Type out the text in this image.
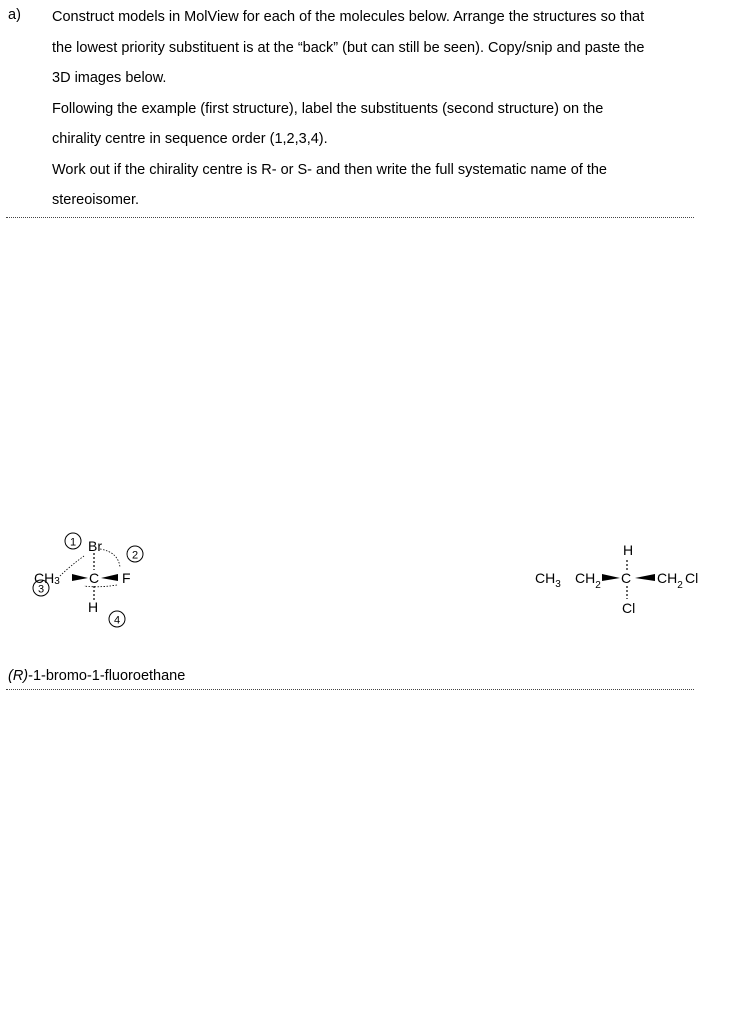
a) Construct models in MolView for each of the molecules below. Arrange the structures so that

the lowest priority substituent is at the “back” (but can still be seen). Copy/snip and paste the

3D images below.

Following the example (first structure), label the substituents (second structure) on the

chirality centre in sequence order (1,2,3,4).

Work out if the chirality centre is R- or S- and then write the full systematic name of the

stereoisomer.

1
2
3
4
Br
CH3 C F
H
H
$CH_3$ $CH_2$ C $CH_2$ Cl
Cl
(R)-1-bromo-1-fluoroethane
